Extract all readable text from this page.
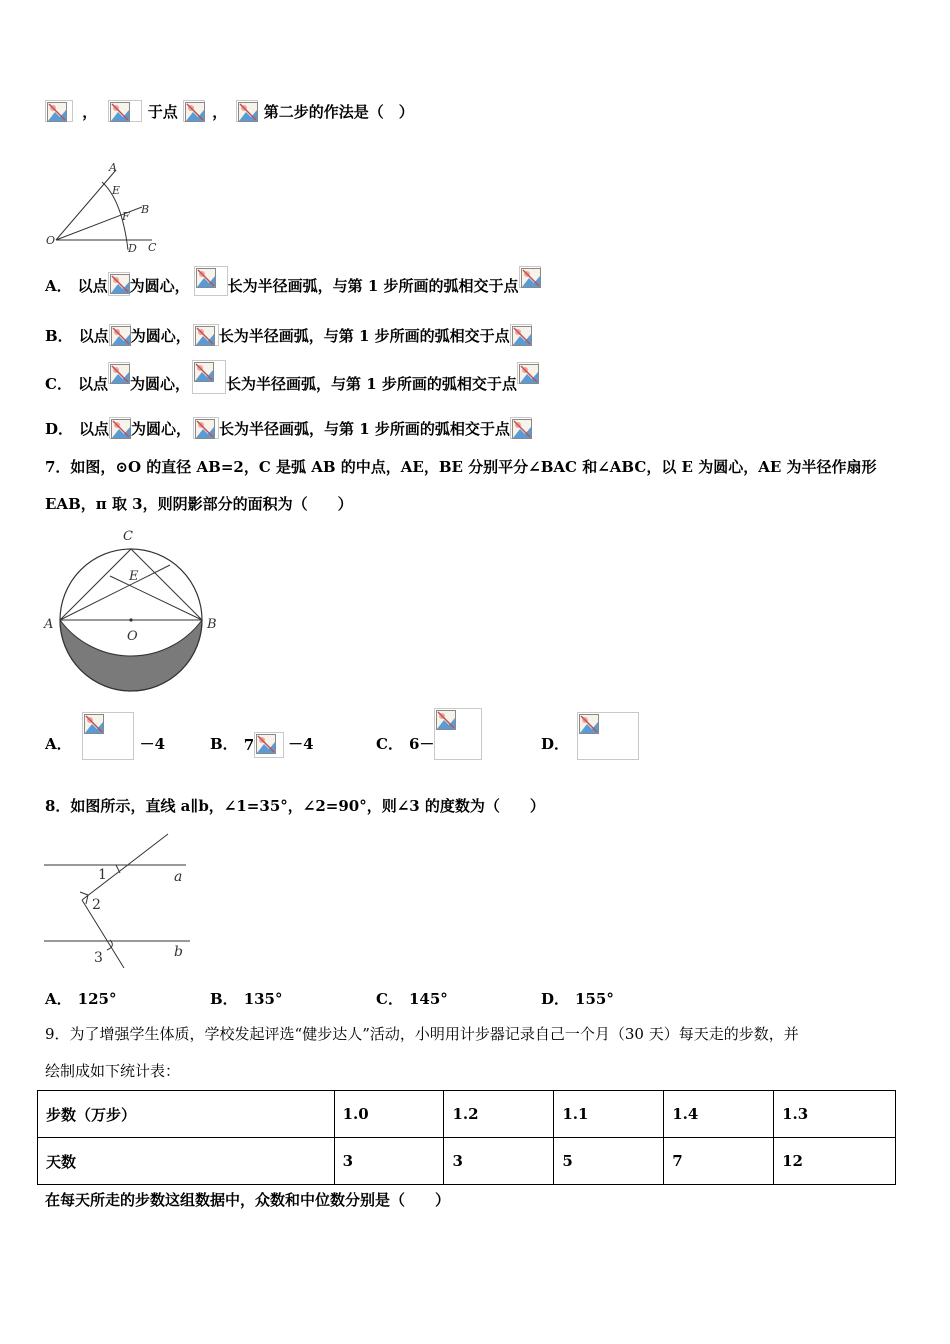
，	于点 ， 第二步的作法是（　）
A
E
B
F
O
D C
A． 以点 为圆心，	长为半径画弧，与第 1 步所画的弧相交于点
B． 以点 为圆心， 长为半径画弧，与第 1 步所画的弧相交于点
C． 以点 为圆心， 长为半径画弧，与第 1 步所画的弧相交于点
D． 以点 为圆心， 长为半径画弧，与第 1 步所画的弧相交于点
7．如图，⊙O 的直径 AB=2，C 是弧 AB 的中点，AE，BE 分别平分∠BAC 和∠ABC，以 E 为圆心，AE 为半径作扇形
EAB，π 取 3，则阴影部分的面积为（　　）
C
E
A
O
B
A．	－4	B． 7 －4	C． 6－	D．
8．如图所示，直线 a∥b，∠1=35°，∠2=90°，则∠3 的度数为（　　）
1
2
3
a
b
A． 125°	B． 135°	C． 145°	D． 155°
9．为了增强学生体质，学校发起评选“健步达人”活动，小明用计步器记录自己一个月（30 天）每天走的步数，并
绘制成如下统计表：
步数（万步）	1.0	1.2	1.1	1.4	1.3
天数	3	3	5	7	12
在每天所走的步数这组数据中，众数和中位数分别是（　　）
